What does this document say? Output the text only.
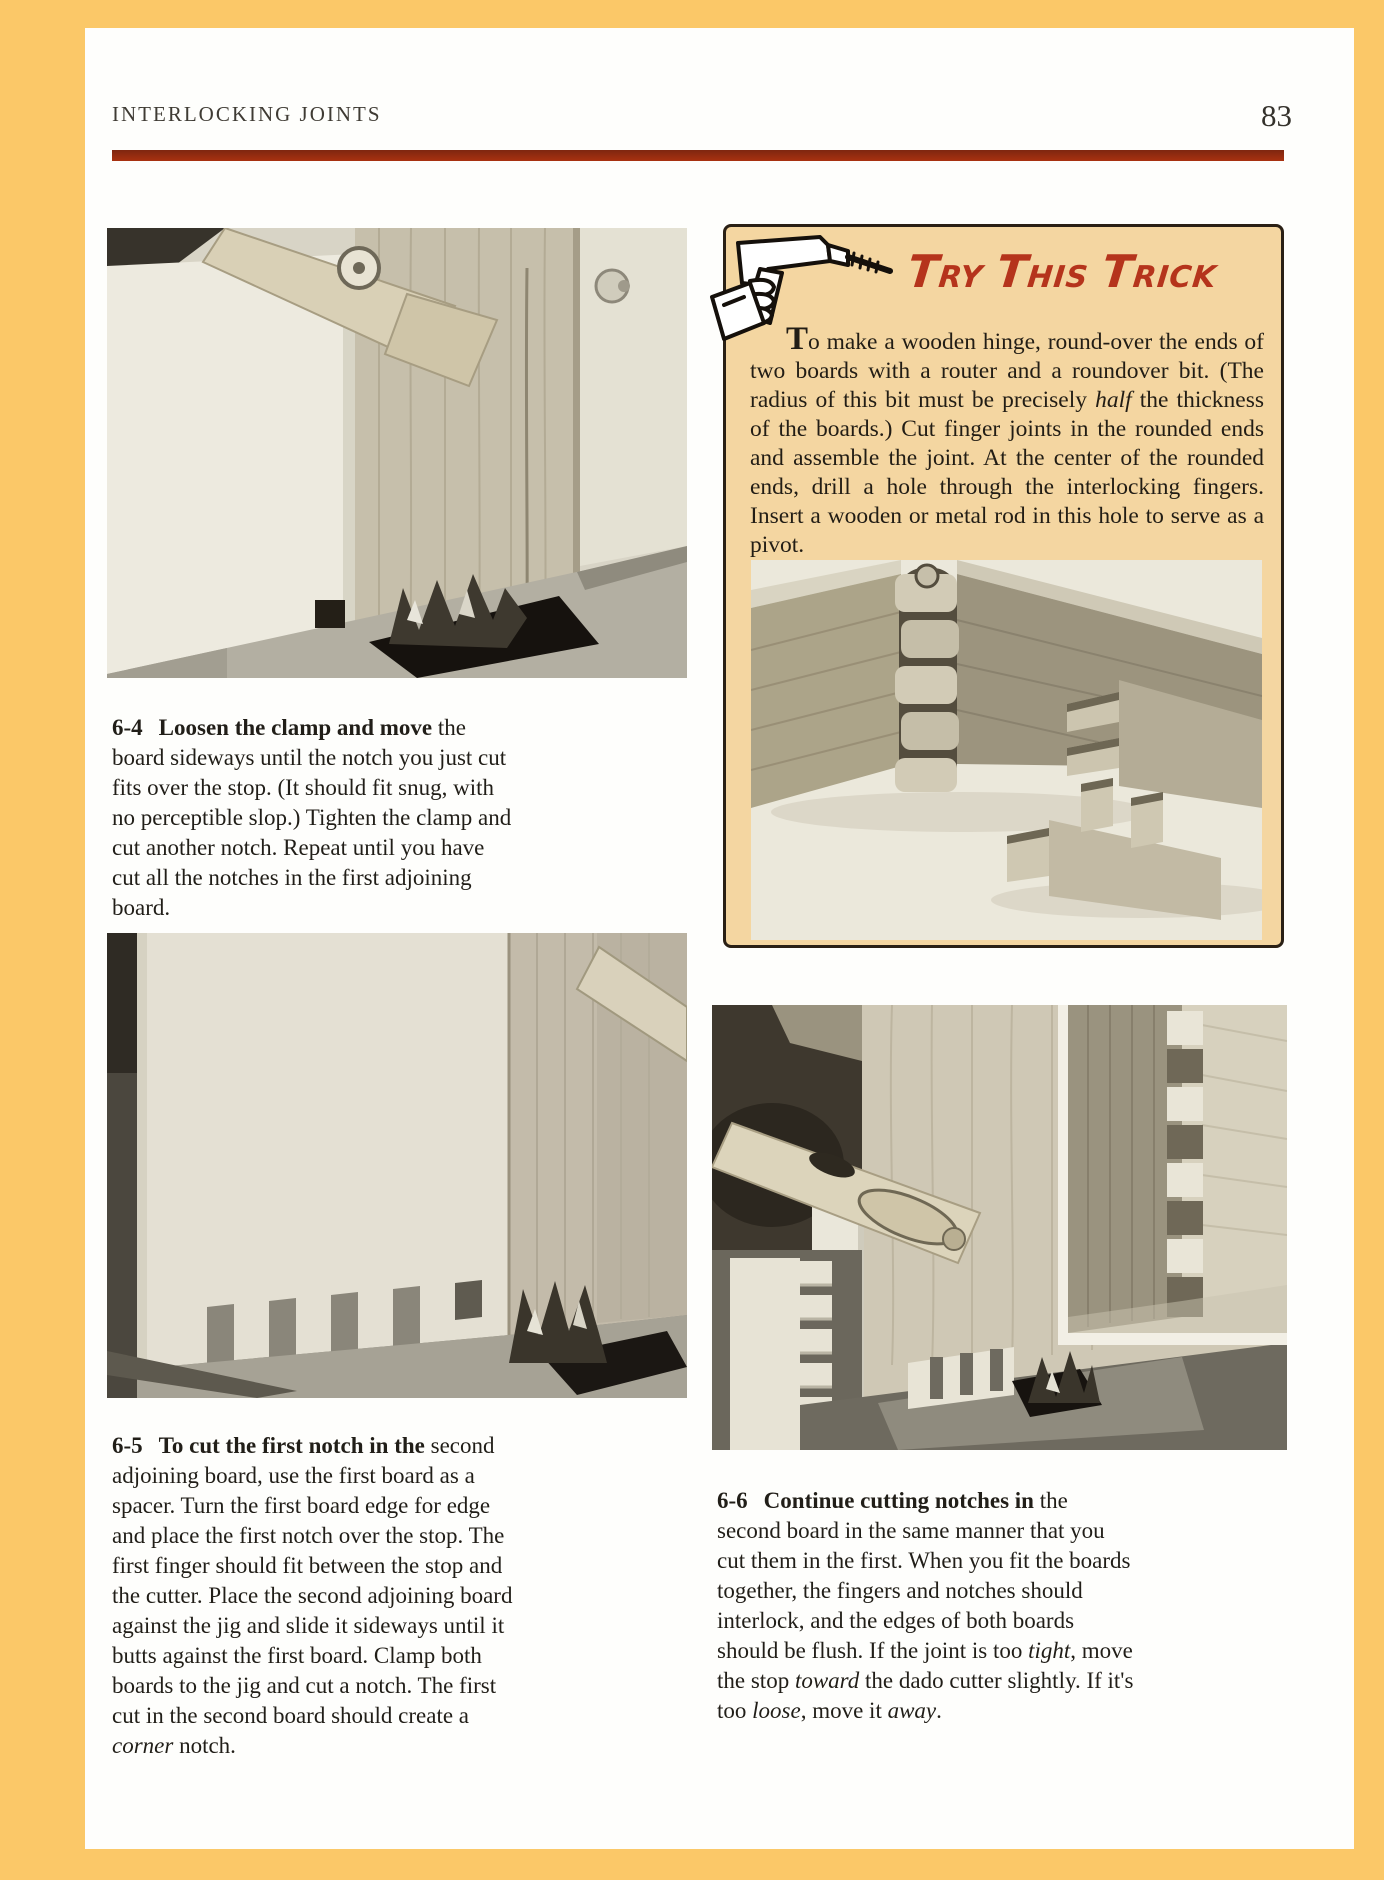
INTERLOCKING JOINTS	83
TRY THIS TRICK

To make a wooden hinge, round-over the ends of two boards with a router and a roundover bit. (The radius of this bit must be precisely half the thickness of the boards.) Cut finger joints in the rounded ends and assemble the joint. At the center of the rounded ends, drill a hole through the interlocking fingers. Insert a wooden or metal rod in this hole to serve as a pivot.

6-4 Loosen the clamp and move the board sideways until the notch you just cut fits over the stop. (It should fit snug, with no perceptible slop.) Tighten the clamp and cut another notch. Repeat until you have cut all the notches in the first adjoining board.

6-5 To cut the first notch in the second adjoining board, use the first board as a spacer. Turn the first board edge for edge and place the first notch over the stop. The first finger should fit between the stop and the cutter. Place the second adjoining board against the jig and slide it sideways until it butts against the first board. Clamp both boards to the jig and cut a notch. The first cut in the second board should create a corner notch.

6-6 Continue cutting notches in the second board in the same manner that you cut them in the first. When you fit the boards together, the fingers and notches should interlock, and the edges of both boards should be flush. If the joint is too tight, move the stop toward the dado cutter slightly. If it's too loose, move it away.
